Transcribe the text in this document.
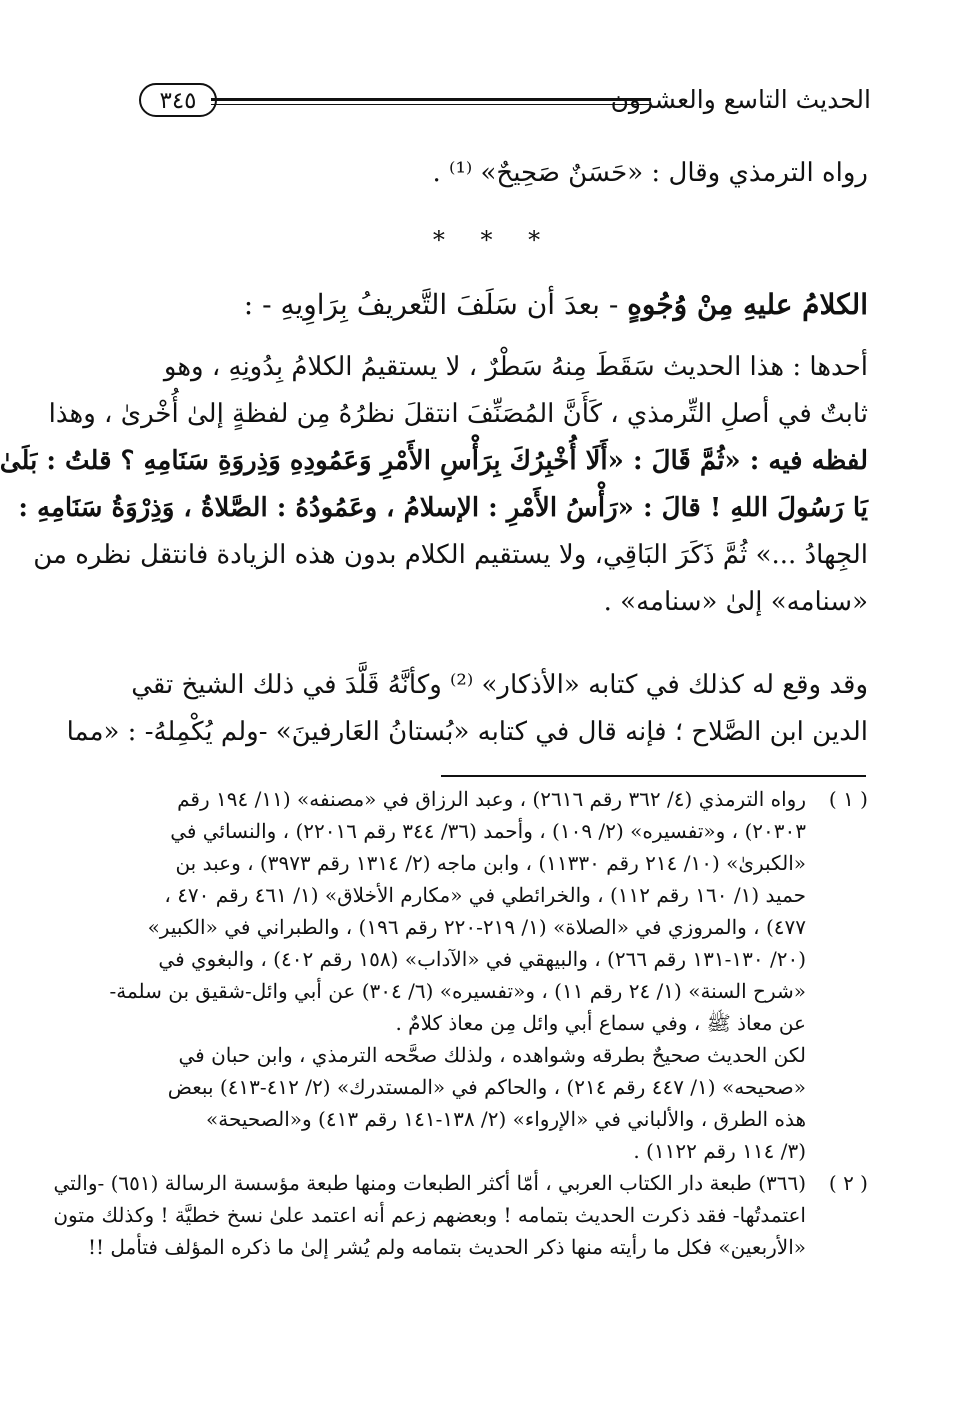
الحديث التاسع والعشرون
٣٤٥
رواه الترمذي وقال : «حَسَنٌ صَحِيحٌ» ⁽¹⁾ .
* * *
الكلامُ عليهِ مِنْ وُجُوهٍ - بعدَ أن سَلَفَ التَّعريفُ بِرَاوِيهِ - :
أحدها : هذا الحديث سَقَطَ مِنهُ سَطْرٌ ، لا يستقيمُ الكلامُ بِدُونِهِ ، وهو
ثابتٌ في أصلِ التِّرمذي ، كَأَنَّ المُصَنِّفَ انتقلَ نظرُهُ مِن لفظةٍ إلىٰ أُخْرىٰ ، وهذا
لفظه فيه : «ثُمَّ قَالَ : «أَلَا أُخْبِرُكَ بِرَأْسِ الأَمْرِ وَعَمُودِهِ وَذِروَةِ سَنَامِهِ ؟ قلتُ : بَلَىٰ
يَا رَسُولَ اللهِ ! قالَ : «رَأْسُ الأَمْرِ : الإسلامُ ، وعَمُودُهُ : الصَّلاةُ ، وَذِرْوَةُ سَنَامِهِ :
الجِهادُ ...» ثُمَّ ذَكَرَ البَاقِي، ولا يستقيم الكلام بدون هذه الزيادة فانتقل نظره من
«سنامه» إلىٰ «سنامه» .
وقد وقع له كذلك في كتابه «الأذكار» ⁽²⁾ وكأنَّهُ قَلَّدَ في ذلك الشيخ تقي
الدين ابن الصَّلاح ؛ فإنه قال في كتابه «بُستانُ العَارفينَ» -ولم يُكْمِلهُ- : «مما
( ١ )
رواه الترمذي (٤/ ٣٦٢ رقم ٢٦١٦) ، وعبد الرزاق في «مصنفه» (١١/ ١٩٤ رقم
٢٠٣٠٣) ، و«تفسيره» (٢/ ١٠٩) ، وأحمد (٣٦/ ٣٤٤ رقم ٢٢٠١٦) ، والنسائي في
«الكبرىٰ» (١٠/ ٢١٤ رقم ١١٣٣٠) ، وابن ماجه (٢/ ١٣١٤ رقم ٣٩٧٣) ، وعبد بن
حميد (١/ ١٦٠ رقم ١١٢) ، والخرائطي في «مكارم الأخلاق» (١/ ٤٦١ رقم ٤٧٠ ،
٤٧٧) ، والمروزي في «الصلاة» (١/ ٢١٩-٢٢٠ رقم ١٩٦) ، والطبراني في «الكبير»
(٢٠/ ١٣٠-١٣١ رقم ٢٦٦) ، والبيهقي في «الآداب» (١٥٨ رقم ٤٠٢) ، والبغوي في
«شرح السنة» (١/ ٢٤ رقم ١١) ، و«تفسيره» (٦/ ٣٠٤) عن أبي وائل-شقيق بن سلمة-
عن معاذ ﷺ ، وفي سماع أبي وائل مِن معاذ كلامٌ .
لكن الحديث صحيحٌ بطرقه وشواهده ، ولذلك صحَّحه الترمذي ، وابن حبان في
«صحيحه» (١/ ٤٤٧ رقم ٢١٤) ، والحاكم في «المستدرك» (٢/ ٤١٢-٤١٣) ببعض
هذه الطرق ، والألباني في «الإرواء» (٢/ ١٣٨-١٤١ رقم ٤١٣) و«الصحيحة»
(٣/ ١١٤ رقم ١١٢٢) .
( ٢ )
(٣٦٦) طبعة دار الكتاب العربي ، أمّا أكثر الطبعات ومنها طبعة مؤسسة الرسالة (٦٥١) -والتي
اعتمدتُها- فقد ذكرت الحديث بتمامه ! وبعضهم زعم أنه اعتمد علىٰ نسخ خطيَّة ! وكذلك متون
«الأربعين» فكل ما رأيته منها ذكر الحديث بتمامه ولم يُشر إلىٰ ما ذكره المؤلف فتأمل !!
